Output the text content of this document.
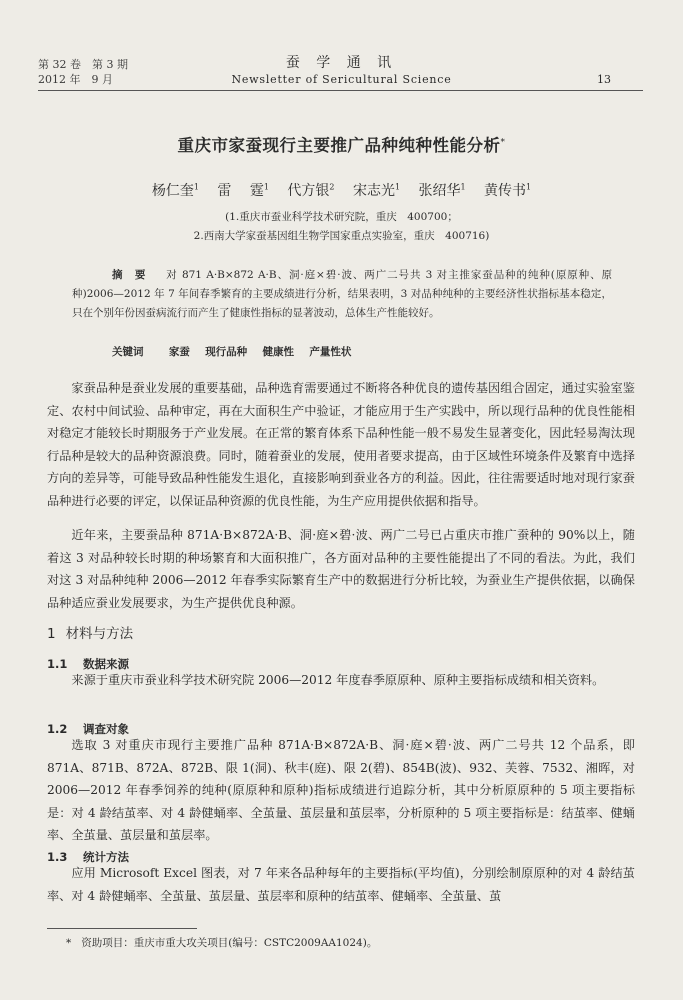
第 32 卷　第 3 期
2012 年　9 月
蚕 学 通 讯
Newsletter of Sericultural Science	13
重庆市家蚕现行主要推广品种纯种性能分析*
杨仁奎$^1$ 雷 霆$^1$ 代方银$^2$ 宋志光$^1$ 张绍华$^1$ 黄传书$^1$
(1.重庆市蚕业科学技术研究院，重庆　400700；
2.西南大学家蚕基因组生物学国家重点实验室，重庆　400716)
摘　要 对 871 A·B×872 A·B、洞·庭×碧·波、两广二号共 3 对主推家蚕品种的纯种(原原种、原种)2006—2012 年 7 年间春季繁育的主要成绩进行分析，结果表明，3 对品种纯种的主要经济性状指标基本稳定，只在个别年份因蚕病流行而产生了健康性指标的显著波动，总体生产性能较好。
关键词 家蚕 现行品种 健康性 产量性状

家蚕品种是蚕业发展的重要基础，品种选育需要通过不断将各种优良的遗传基因组合固定，通过实验室鉴定、农村中间试验、品种审定，再在大面积生产中验证，才能应用于生产实践中，所以现行品种的优良性能相对稳定才能较长时期服务于产业发展。在正常的繁育体系下品种性能一般不易发生显著变化，因此轻易淘汰现行品种是较大的品种资源浪费。同时，随着蚕业的发展，使用者要求提高，由于区域性环境条件及繁育中选择方向的差异等，可能导致品种性能发生退化，直接影响到蚕业各方的利益。因此，往往需要适时地对现行家蚕品种进行必要的评定，以保证品种资源的优良性能，为生产应用提供依据和指导。

近年来，主要蚕品种 871A·B×872A·B、洞·庭×碧·波、两广二号已占重庆市推广蚕种的 90%以上，随着这 3 对品种较长时期的种场繁育和大面积推广，各方面对品种的主要性能提出了不同的看法。为此，我们对这 3 对品种纯种 2006—2012 年春季实际繁育生产中的数据进行分析比较，为蚕业生产提供依据，以确保品种适应蚕业发展要求，为生产提供优良种源。

1 材料与方法
1.1 数据来源

来源于重庆市蚕业科学技术研究院 2006—2012 年度春季原原种、原种主要指标成绩和相关资料。

1.2 调查对象

选取 3 对重庆市现行主要推广品种 871A·B×872A·B、洞·庭×碧·波、两广二号共 12 个品系，即 871A、871B、872A、872B、限 1(洞)、秋丰(庭)、限 2(碧)、854B(波)、932、芙蓉、7532、湘晖，对 2006—2012 年春季饲养的纯种(原原种和原种)指标成绩进行追踪分析，其中分析原原种的 5 项主要指标是：对 4 龄结茧率、对 4 龄健蛹率、全茧量、茧层量和茧层率，分析原种的 5 项主要指标是：结茧率、健蛹率、全茧量、茧层量和茧层率。

1.3 统计方法

应用 Microsoft Excel 图表，对 7 年来各品种每年的主要指标(平均值)，分别绘制原原种的对 4 龄结茧率、对 4 龄健蛹率、全茧量、茧层量、茧层率和原种的结茧率、健蛹率、全茧量、茧

* 资助项目：重庆市重大攻关项目(编号：CSTC2009AA1024)。
